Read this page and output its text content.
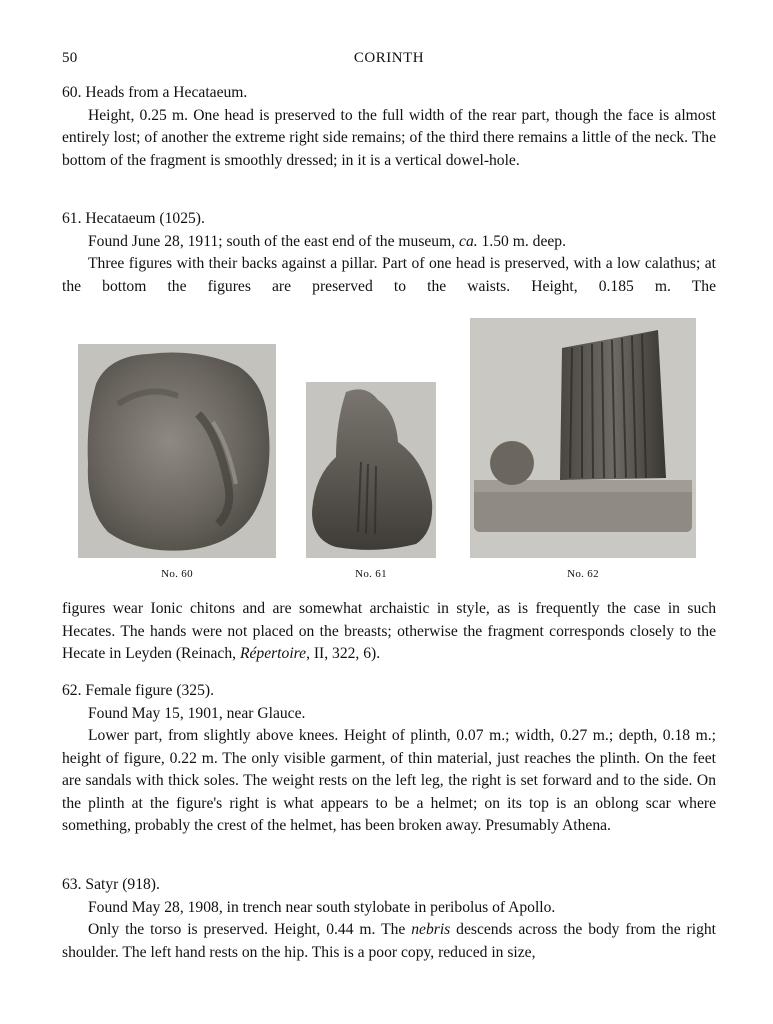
50	CORINTH

60. Heads from a Hecataeum.

Height, 0.25 m. One head is preserved to the full width of the rear part, though the face is almost entirely lost; of another the extreme right side remains; of the third there remains a little of the neck. The bottom of the fragment is smoothly dressed; in it is a vertical dowel-hole.

61. Hecataeum (1025).

Found June 28, 1911; south of the east end of the museum, ca. 1.50 m. deep.

Three figures with their backs against a pillar. Part of one head is preserved, with a low calathus; at the bottom the figures are preserved to the waists. Height, 0.185 m. The

No. 60	No. 61	No. 62

figures wear Ionic chitons and are somewhat archaistic in style, as is frequently the case in such Hecates. The hands were not placed on the breasts; otherwise the fragment corresponds closely to the Hecate in Leyden (Reinach, Répertoire, II, 322, 6).

62. Female figure (325).

Found May 15, 1901, near Glauce.

Lower part, from slightly above knees. Height of plinth, 0.07 m.; width, 0.27 m.; depth, 0.18 m.; height of figure, 0.22 m. The only visible garment, of thin material, just reaches the plinth. On the feet are sandals with thick soles. The weight rests on the left leg, the right is set forward and to the side. On the plinth at the figure's right is what appears to be a helmet; on its top is an oblong scar where something, probably the crest of the helmet, has been broken away. Presumably Athena.

63. Satyr (918).

Found May 28, 1908, in trench near south stylobate in peribolus of Apollo.

Only the torso is preserved. Height, 0.44 m. The nebris descends across the body from the right shoulder. The left hand rests on the hip. This is a poor copy, reduced in size,
